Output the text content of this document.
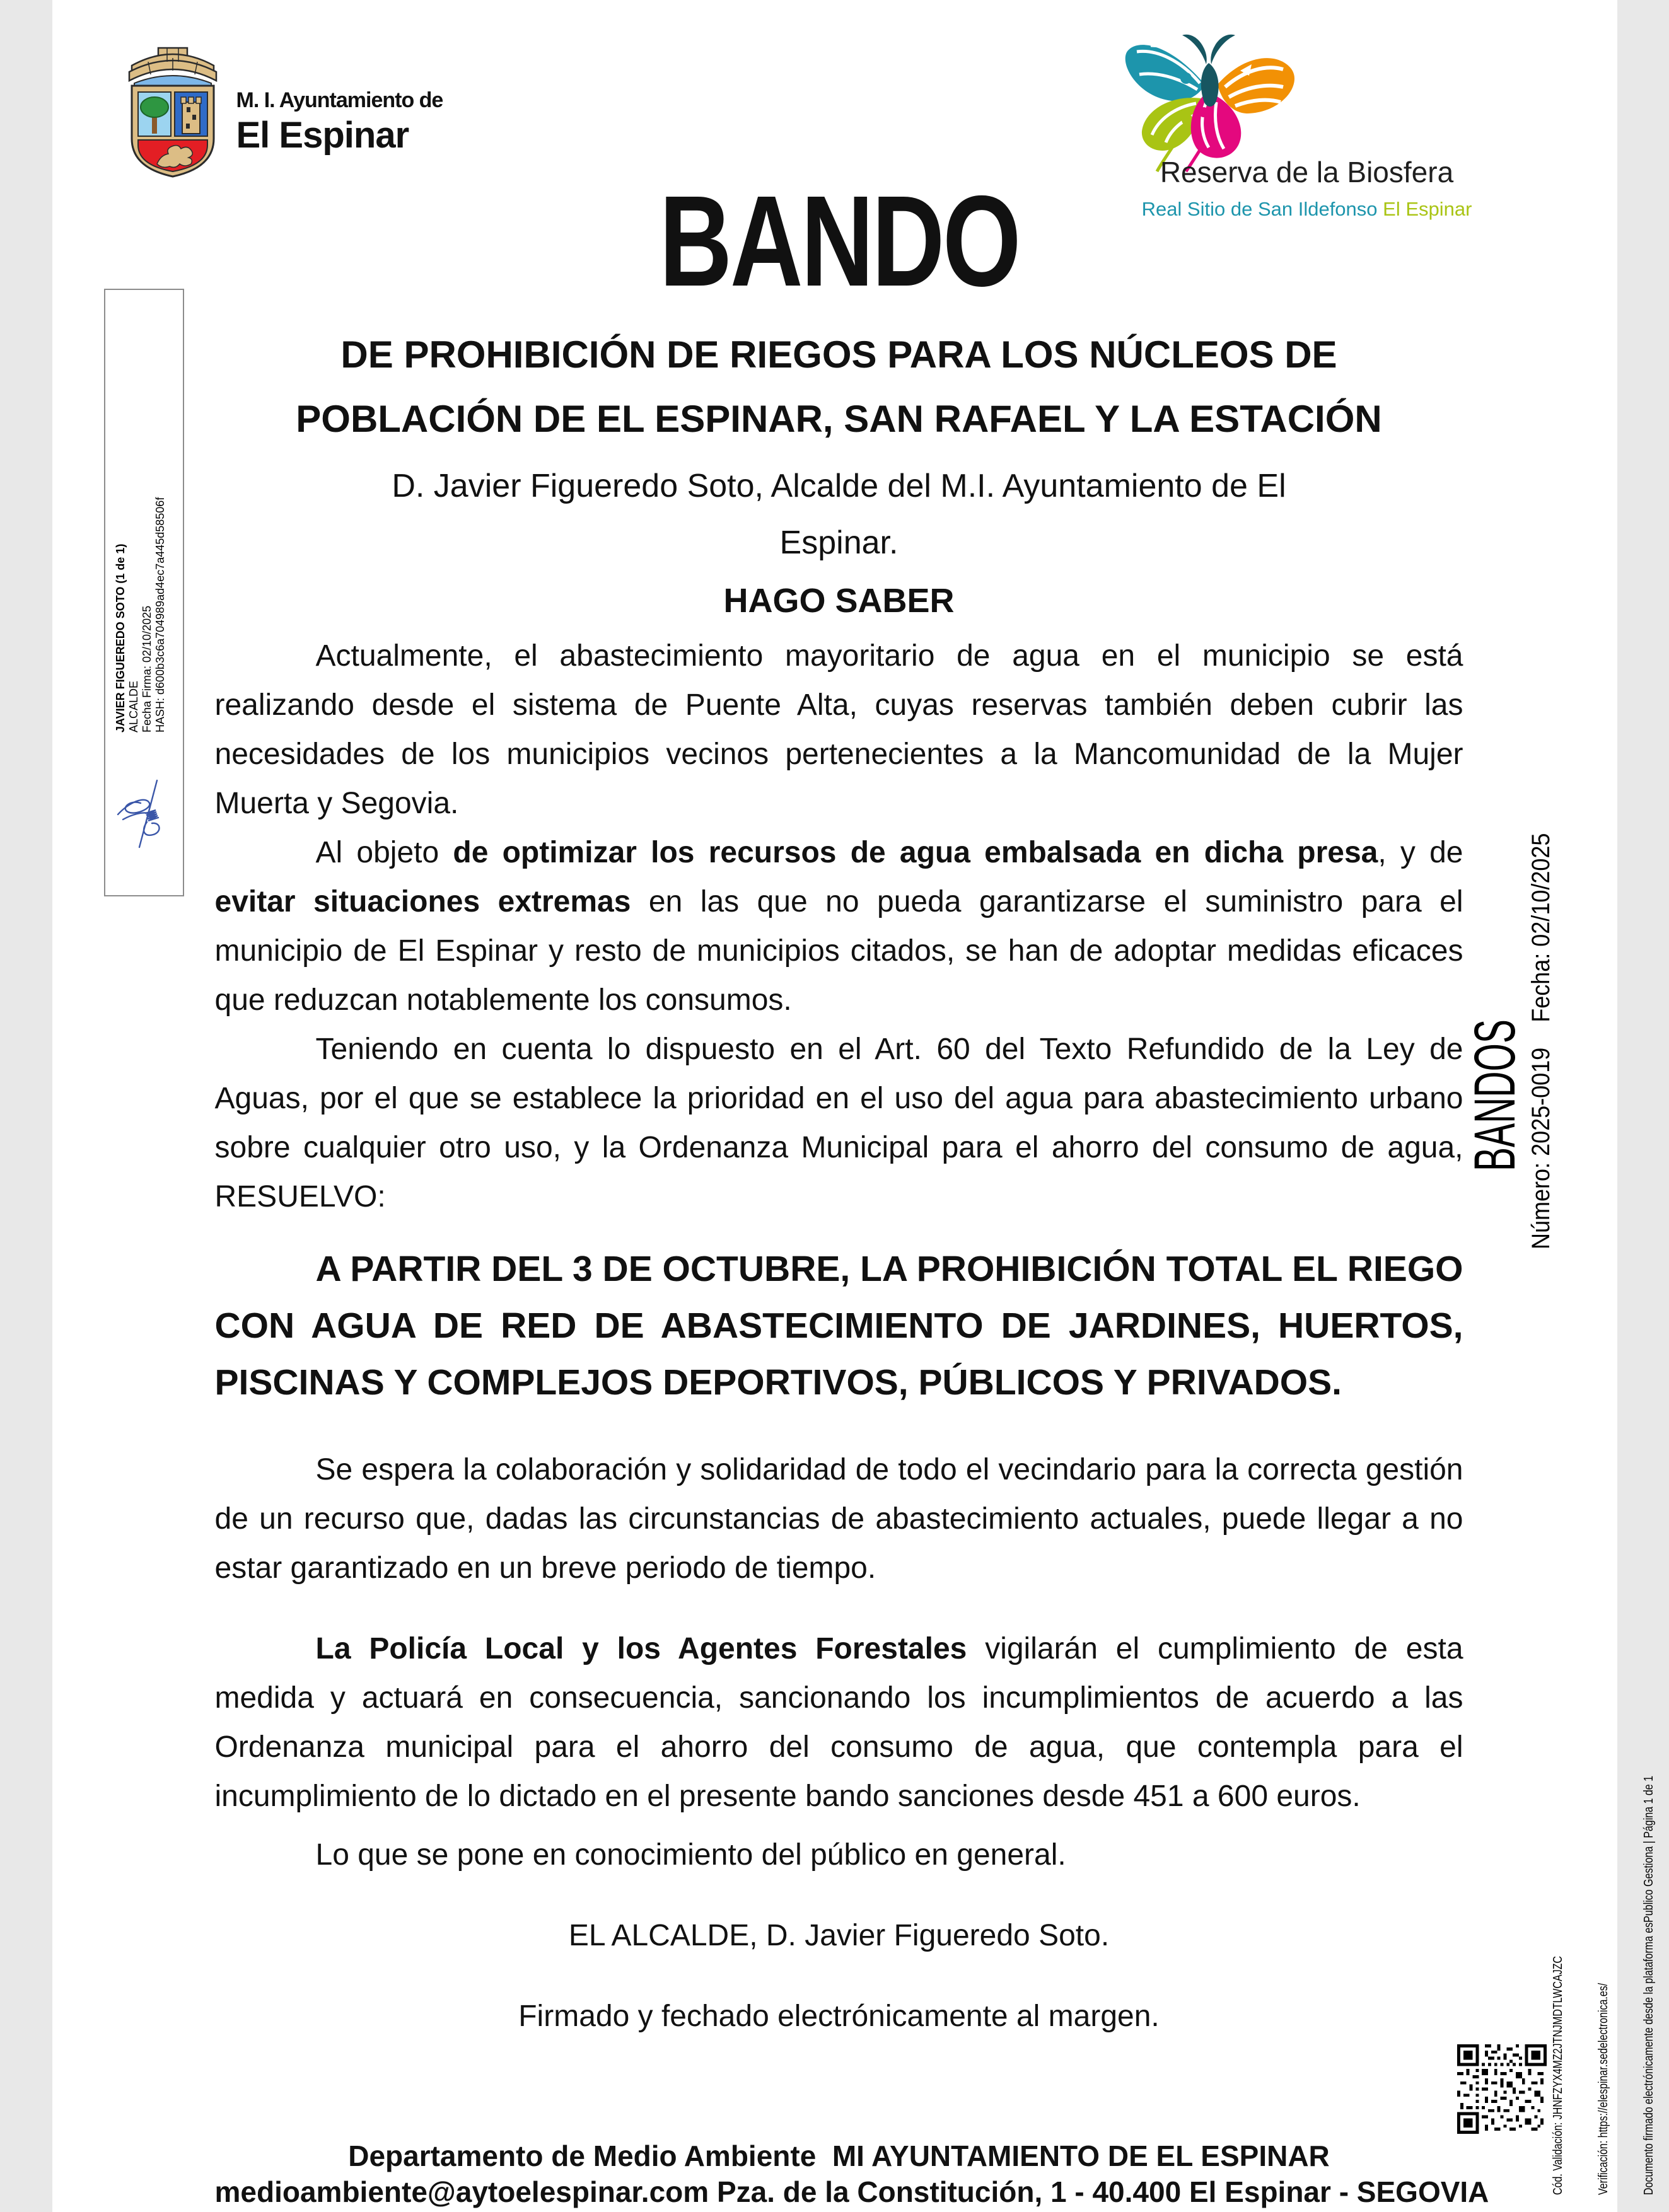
M. I. Ayuntamiento de
El Espinar
Reserva de la Biosfera
Real Sitio de San Ildefonso El Espinar
BANDO
DE PROHIBICIÓN DE RIEGOS PARA LOS NÚCLEOS DE POBLACIÓN DE EL ESPINAR, SAN RAFAEL Y LA ESTACIÓN
D. Javier Figueredo Soto, Alcalde del M.I. Ayuntamiento de El Espinar.
HAGO SABER

Actualmente, el abastecimiento mayoritario de agua en el municipio se está realizando desde el sistema de Puente Alta, cuyas reservas también deben cubrir las necesidades de los municipios vecinos pertenecientes a la Mancomunidad de la Mujer Muerta y Segovia.

Al objeto de optimizar los recursos de agua embalsada en dicha presa, y de evitar situaciones extremas en las que no pueda garantizarse el suministro para el municipio de El Espinar y resto de municipios citados, se han de adoptar medidas eficaces que reduzcan notablemente los consumos.

Teniendo en cuenta lo dispuesto en el Art. 60 del Texto Refundido de la Ley de Aguas, por el que se establece la prioridad en el uso del agua para abastecimiento urbano sobre cualquier otro uso, y la Ordenanza Municipal para el ahorro del consumo de agua, RESUELVO:

A PARTIR DEL 3 DE OCTUBRE, LA PROHIBICIÓN TOTAL EL RIEGO CON AGUA DE RED DE ABASTECIMIENTO DE JARDINES, HUERTOS, PISCINAS Y COMPLEJOS DEPORTIVOS, PÚBLICOS Y PRIVADOS.

Se espera la colaboración y solidaridad de todo el vecindario para la correcta gestión de un recurso que, dadas las circunstancias de abastecimiento actuales, puede llegar a no estar garantizado en un breve periodo de tiempo.

La Policía Local y los Agentes Forestales vigilarán el cumplimiento de esta medida y actuará en consecuencia, sancionando los incumplimientos de acuerdo a las Ordenanza municipal para el ahorro del consumo de agua, que contempla para el incumplimiento de lo dictado en el presente bando sanciones desde 451 a 600 euros.

Lo que se pone en conocimiento del público en general.

EL ALCALDE, D. Javier Figueredo Soto.

Firmado y fechado electrónicamente al margen.

Departamento de Medio Ambiente  MI AYUNTAMIENTO DE EL ESPINAR
medioambiente@aytoelespinar.com Pza. de la Constitución, 1 - 40.400 El Espinar - SEGOVIA
JAVIER FIGUEREDO SOTO (1 de 1) ALCALDE Fecha Firma: 02/10/2025 HASH: d600b3c6a704989ad4ec7a445d58506f
BANDOS Número: 2025-0019    Fecha: 02/10/2025

Cód. Validación: JHNFZYX4MZ2JTNJMDTLWCAJZC

	Verificación: https://elespinar.sedelectronica.es/

	Documento firmado electrónicamente desde la plataforma esPublico Gestiona | Página 1 de 1
